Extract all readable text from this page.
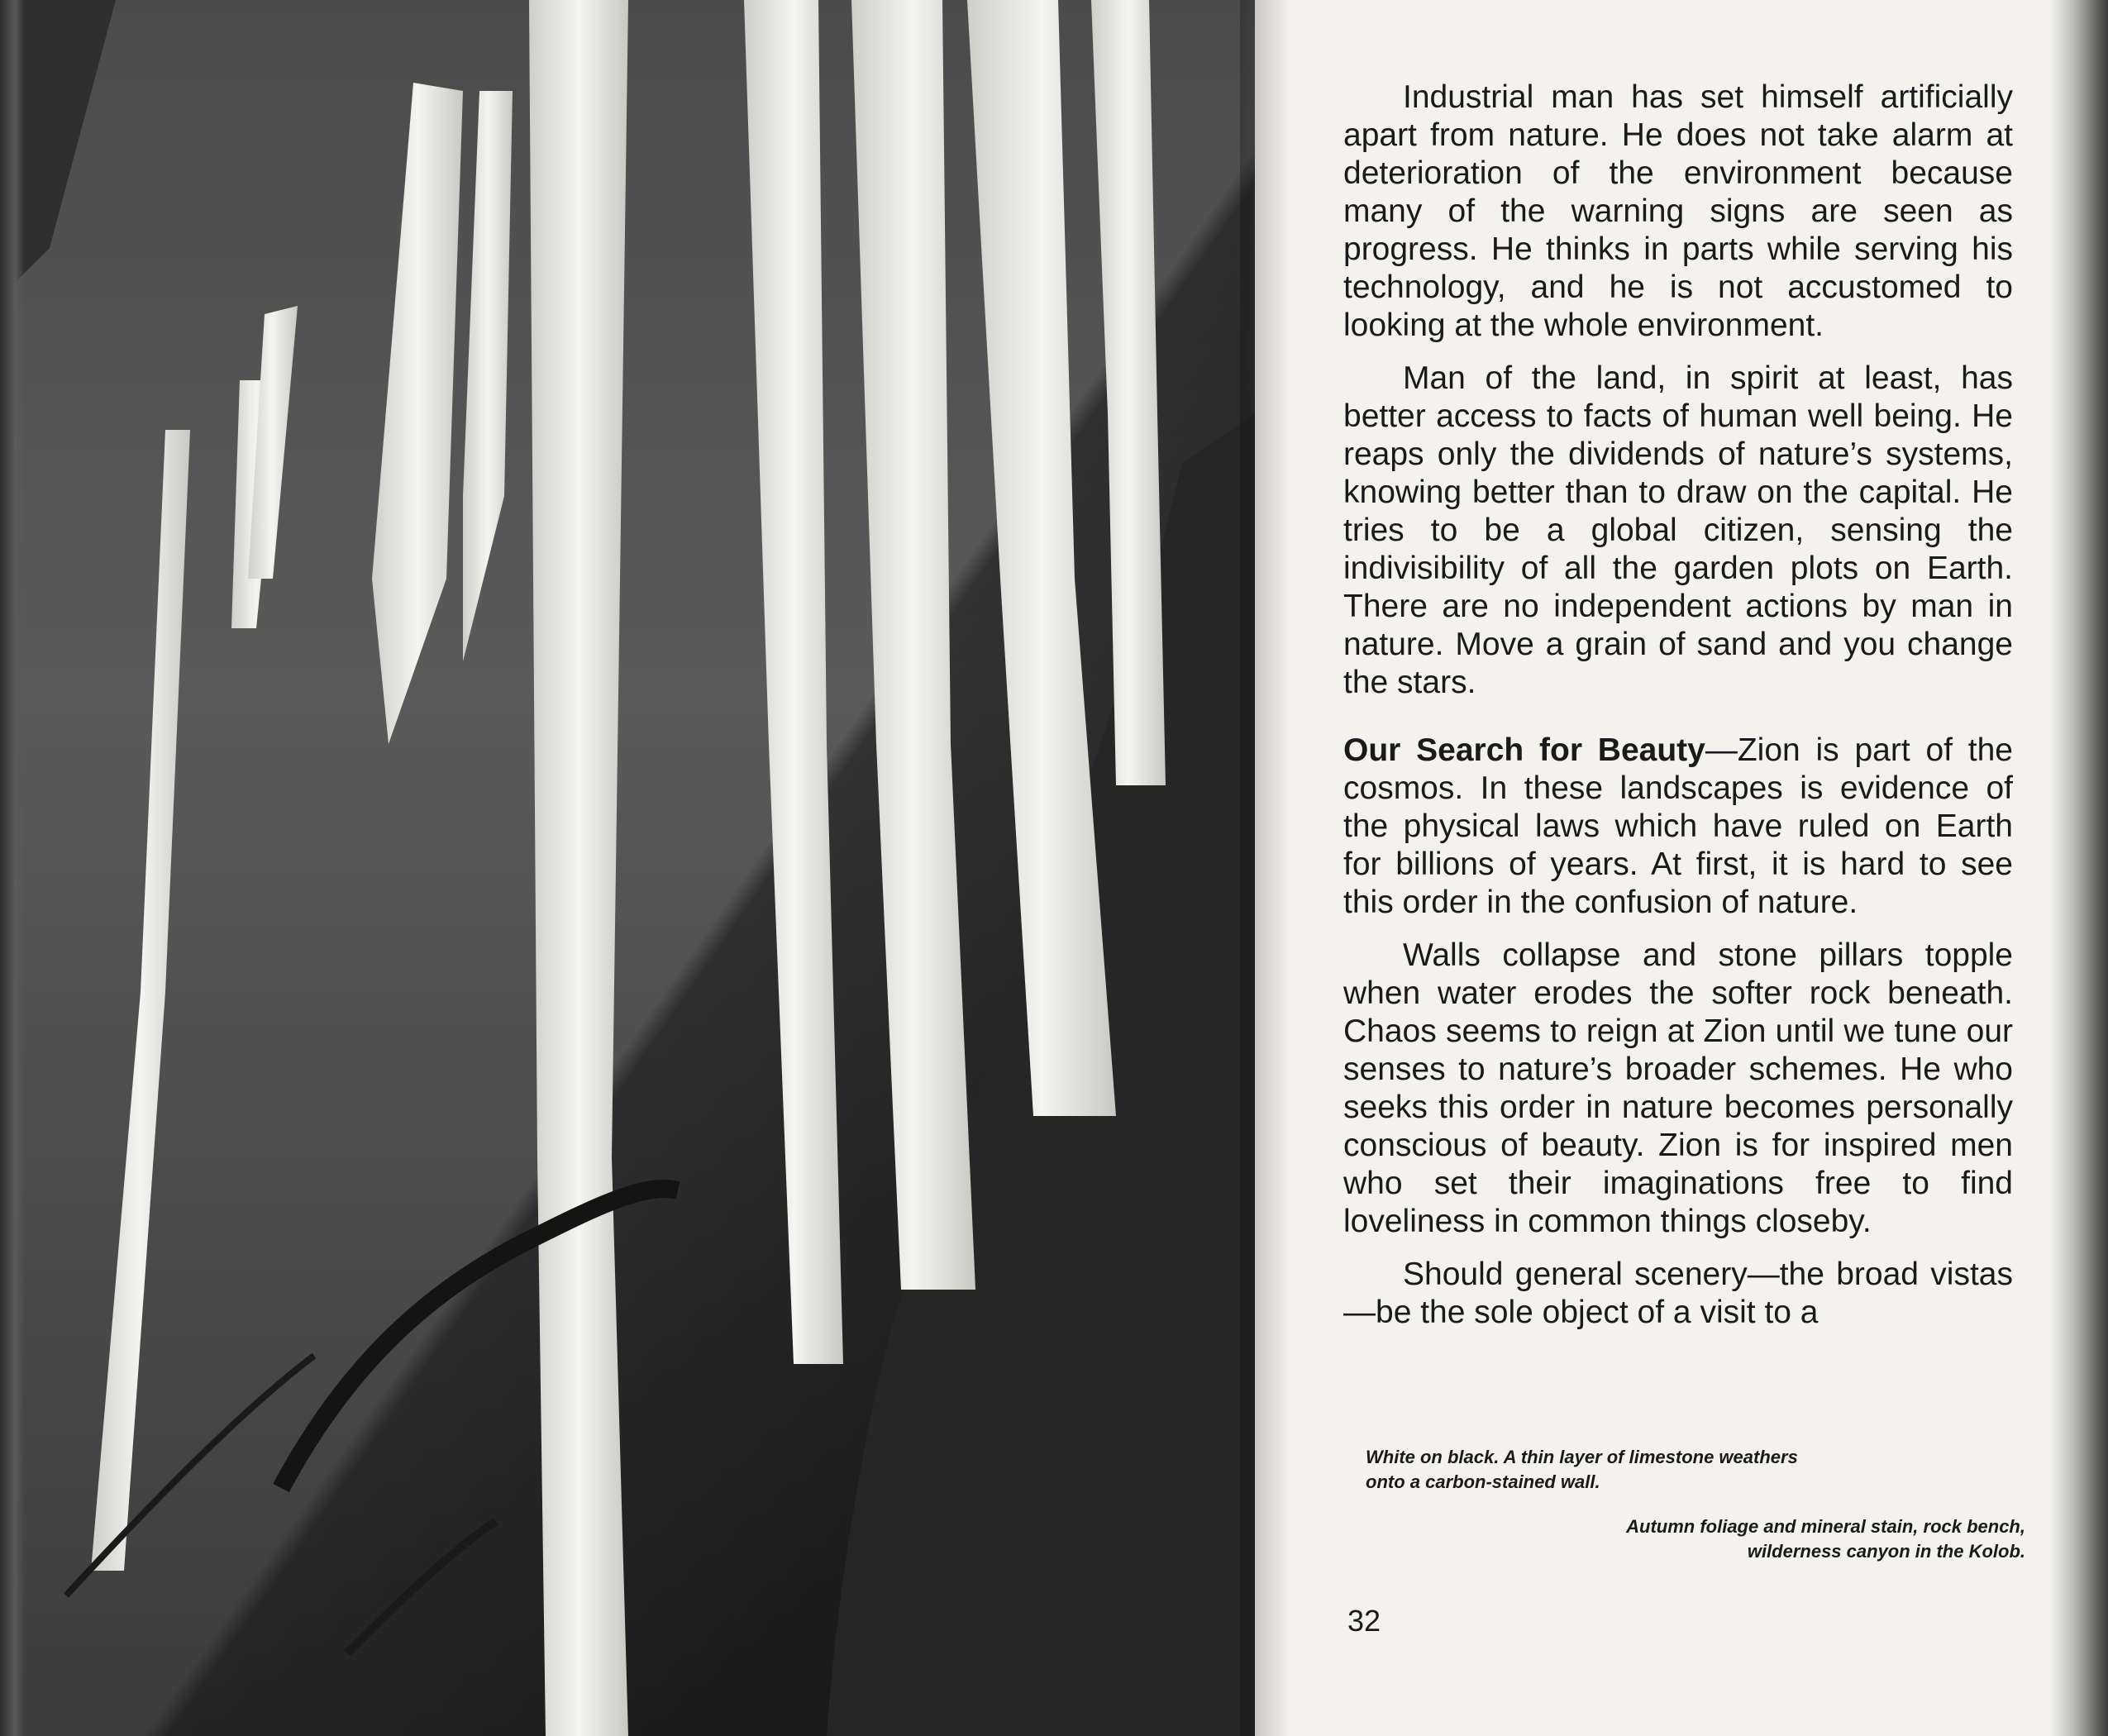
Industrial man has set himself artificially apart from nature. He does not take alarm at deterioration of the environment because many of the warning signs are seen as progress. He thinks in parts while serving his technology, and he is not accustomed to looking at the whole environment.

Man of the land, in spirit at least, has better access to facts of human well being. He reaps only the dividends of nature’s systems, knowing better than to draw on the capital. He tries to be a global citizen, sensing the indivisibility of all the garden plots on Earth. There are no independent actions by man in nature. Move a grain of sand and you change the stars.

Our Search for Beauty—Zion is part of the cosmos. In these landscapes is evidence of the physical laws which have ruled on Earth for billions of years. At first, it is hard to see this order in the confusion of nature.

Walls collapse and stone pillars topple when water erodes the softer rock beneath. Chaos seems to reign at Zion until we tune our senses to nature’s broader schemes. He who seeks this order in nature becomes personally conscious of beauty. Zion is for inspired men who set their imaginations free to find loveliness in common things closeby.

Should general scenery—the broad vistas—be the sole object of a visit to a

White on black. A thin layer of limestone weathers onto a carbon-stained wall.
Autumn foliage and mineral stain, rock bench, wilderness canyon in the Kolob.
32
